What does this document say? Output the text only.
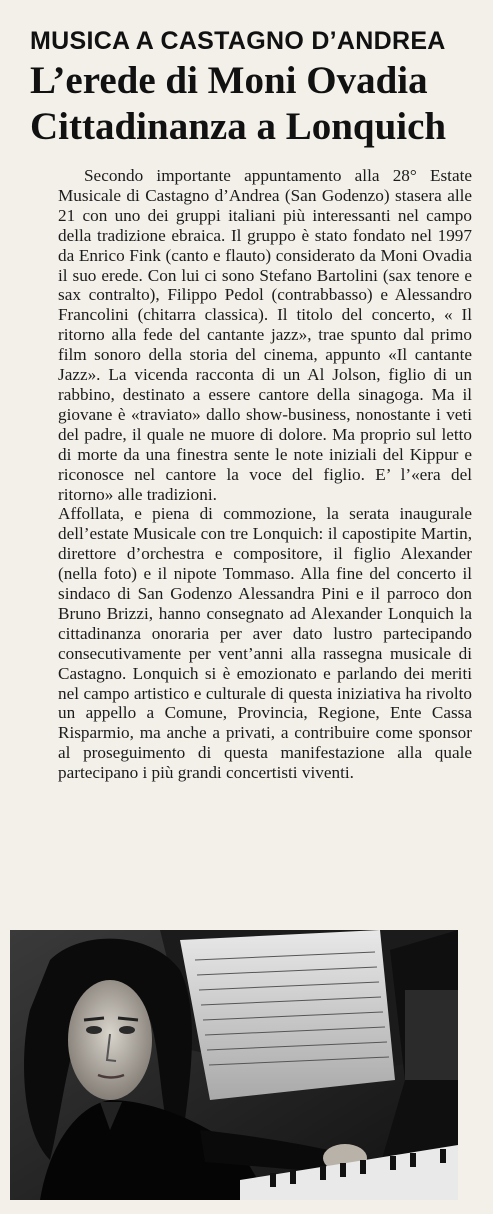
MUSICA A CASTAGNO D’ANDREA
L’erede di Moni Ovadia
Cittadinanza a Lonquich

Secondo importante appuntamento alla 28° Estate Musicale di Castagno d’Andrea (San Godenzo) stasera alle 21 con uno dei gruppi italiani più interessanti nel campo della tradizione ebraica. Il gruppo è stato fondato nel 1997 da Enrico Fink (canto e flauto) considerato da Moni Ovadia il suo erede. Con lui ci sono Stefano Bartolini (sax tenore e sax contralto), Filippo Pedol (contrabbasso) e Alessandro Francolini (chitarra classica). Il titolo del concerto, « Il ritorno alla fede del cantante jazz», trae spunto dal primo film sonoro della storia del cinema, appunto «Il cantante Jazz». La vicenda racconta di un Al Jolson, figlio di un rabbino, destinato a essere cantore della sinagoga. Ma il giovane è «traviato» dallo show-business, nonostante i veti del padre, il quale ne muore di dolore. Ma proprio sul letto di morte da una finestra sente le note iniziali del Kippur e riconosce nel cantore la voce del figlio. E’ l’«era del ritorno» alle tradizioni.

Affollata, e piena di commozione, la serata inaugurale dell’estate Musicale con tre Lonquich: il capostipite Martin, direttore d’orchestra e compositore, il figlio Alexander (nella foto) e il nipote Tommaso. Alla fine del concerto il sindaco di San Godenzo Alessandra Pini e il parroco don Bruno Brizzi, hanno consegnato ad Alexander Lonquich la cittadinanza onoraria per aver dato lustro partecipando consecutivamente per vent’anni alla rassegna musicale di Castagno. Lonquich si è emozionato e parlando dei meriti nel campo artistico e culturale di questa iniziativa ha rivolto un appello a Comune, Provincia, Regione, Ente Cassa Risparmio, ma anche a privati, a contribuire come sponsor al proseguimento di questa manifestazione alla quale partecipano i più grandi concertisti viventi.
